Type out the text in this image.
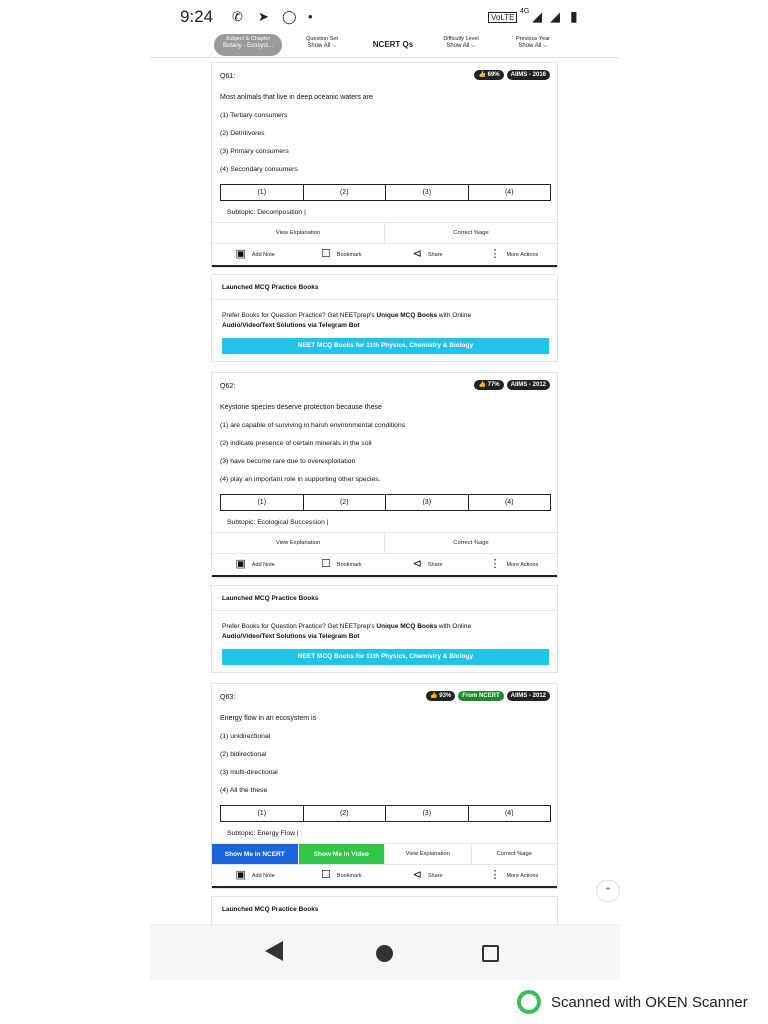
9:24 ✆ ➤ ◯ •	VoLTE
4G ◢ ◢ ▮
Subject & Chapter
Botany - Ecosyst...
Question Set
Show All ⌵	NCERT Qs
Difficulty Level
Show All ⌵
Previous Year
Show All ⌵
Q61:	👍 69%	AIIMS - 2016
Most animals that live in deep oceanic waters are
(1) Tertiary consumers
(2) Detritivores
(3) Primary consumers
(4) Secondary consumers
(1)	(2)	(3)	(4)
Subtopic: Decomposition |
View Explanation	Correct %age
▣ Add Note	☐ Bookmark	⊲ Share	⋮ More Actions
Launched MCQ Practice Books
Prefer Books for Question Practice? Get NEETprep's Unique MCQ Books with Online
Audio/Video/Text Solutions via Telegram Bot
NEET MCQ Books for 11th Physics, Chemistry & Biology
Q62:	👍 77%	AIIMS - 2012
Keystone species deserve protection because these
(1) are capable of surviving in harsh environmental conditions
(2) indicate presence of certain minerals in the soil
(3) have become rare due to overexploitation
(4) play an important role in supporting other species.
(1)	(2)	(3)	(4)
Subtopic: Ecological Succession |
View Explanation	Correct %age
▣ Add Note	☐ Bookmark	⊲ Share	⋮ More Actions
Launched MCQ Practice Books
Prefer Books for Question Practice? Get NEETprep's Unique MCQ Books with Online
Audio/Video/Text Solutions via Telegram Bot
NEET MCQ Books for 11th Physics, Chemistry & Biology
Q63:	👍 93%	From NCERT	AIIMS - 2012
Energy flow in an ecosystem is
(1) unidirectional
(2) bidirectional
(3) multi-directional
(4) All the these
(1)	(2)	(3)	(4)
Subtopic: Energy Flow |
Show Me in NCERT	Show Me in Video	View Explanation	Correct %age
▣ Add Note	☐ Bookmark	⊲ Share	⋮ More Actions
Launched MCQ Practice Books
⌃
Scanned with OKEN Scanner
